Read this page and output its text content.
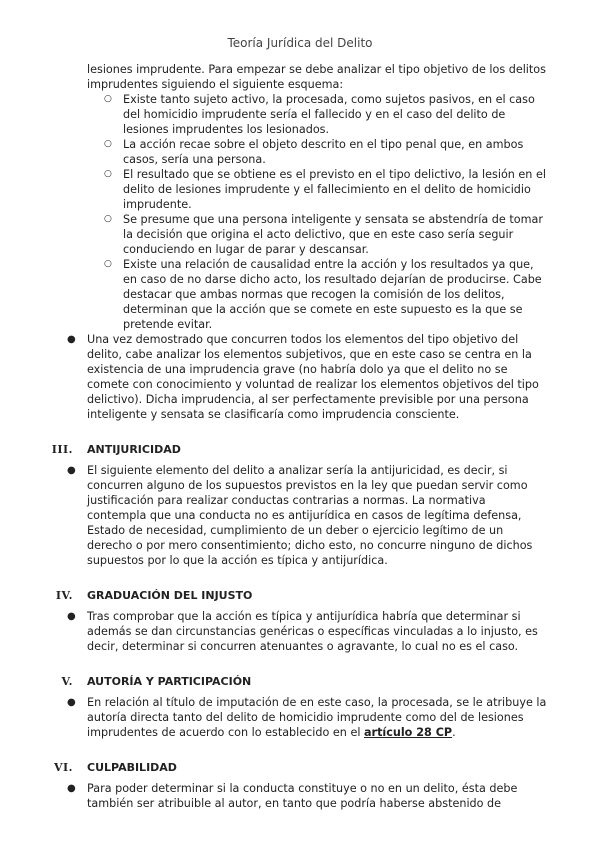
Teoría Jurídica del Delito
lesiones imprudente. Para empezar se debe analizar el tipo objetivo de los delitos imprudentes siguiendo el siguiente esquema:
○ Existe tanto sujeto activo, la procesada, como sujetos pasivos, en el caso del homicidio imprudente sería el fallecido y en el caso del delito de lesiones imprudentes los lesionados.
○ La acción recae sobre el objeto descrito en el tipo penal que, en ambos casos, sería una persona.
○ El resultado que se obtiene es el previsto en el tipo delictivo, la lesión en el delito de lesiones imprudente y el fallecimiento en el delito de homicidio imprudente.
○ Se presume que una persona inteligente y sensata se abstendría de tomar la decisión que origina el acto delictivo, que en este caso sería seguir conduciendo en lugar de parar y descansar.
○ Existe una relación de causalidad entre la acción y los resultados ya que, en caso de no darse dicho acto, los resultado dejarían de producirse. Cabe destacar que ambas normas que recogen la comisión de los delitos, determinan que la acción que se comete en este supuesto es la que se pretende evitar.
● Una vez demostrado que concurren todos los elementos del tipo objetivo del delito, cabe analizar los elementos subjetivos, que en este caso se centra en la existencia de una imprudencia grave (no habría dolo ya que el delito no se comete con conocimiento y voluntad de realizar los elementos objetivos del tipo delictivo). Dicha imprudencia, al ser perfectamente previsible por una persona inteligente y sensata se clasificaría como imprudencia consciente.
III. ANTIJURICIDAD
● El siguiente elemento del delito a analizar sería la antijuricidad, es decir, si concurren alguno de los supuestos previstos en la ley que puedan servir como justificación para realizar conductas contrarias a normas. La normativa contempla que una conducta no es antijurídica en casos de legítima defensa, Estado de necesidad, cumplimiento de un deber o ejercicio legítimo de un derecho o por mero consentimiento; dicho esto, no concurre ninguno de dichos supuestos por lo que la acción es típica y antijurídica.
IV. GRADUACIÓN DEL INJUSTO
● Tras comprobar que la acción es típica y antijurídica habría que determinar si además se dan circunstancias genéricas o específicas vinculadas a lo injusto, es decir, determinar si concurren atenuantes o agravante, lo cual no es el caso.
V. AUTORÍA Y PARTICIPACIÓN
● En relación al título de imputación de en este caso, la procesada, se le atribuye la autoría directa tanto del delito de homicidio imprudente como del de lesiones imprudentes de acuerdo con lo establecido en el artículo 28 CP.
VI. CULPABILIDAD
● Para poder determinar si la conducta constituye o no en un delito, ésta debe también ser atribuible al autor, en tanto que podría haberse abstenido de
